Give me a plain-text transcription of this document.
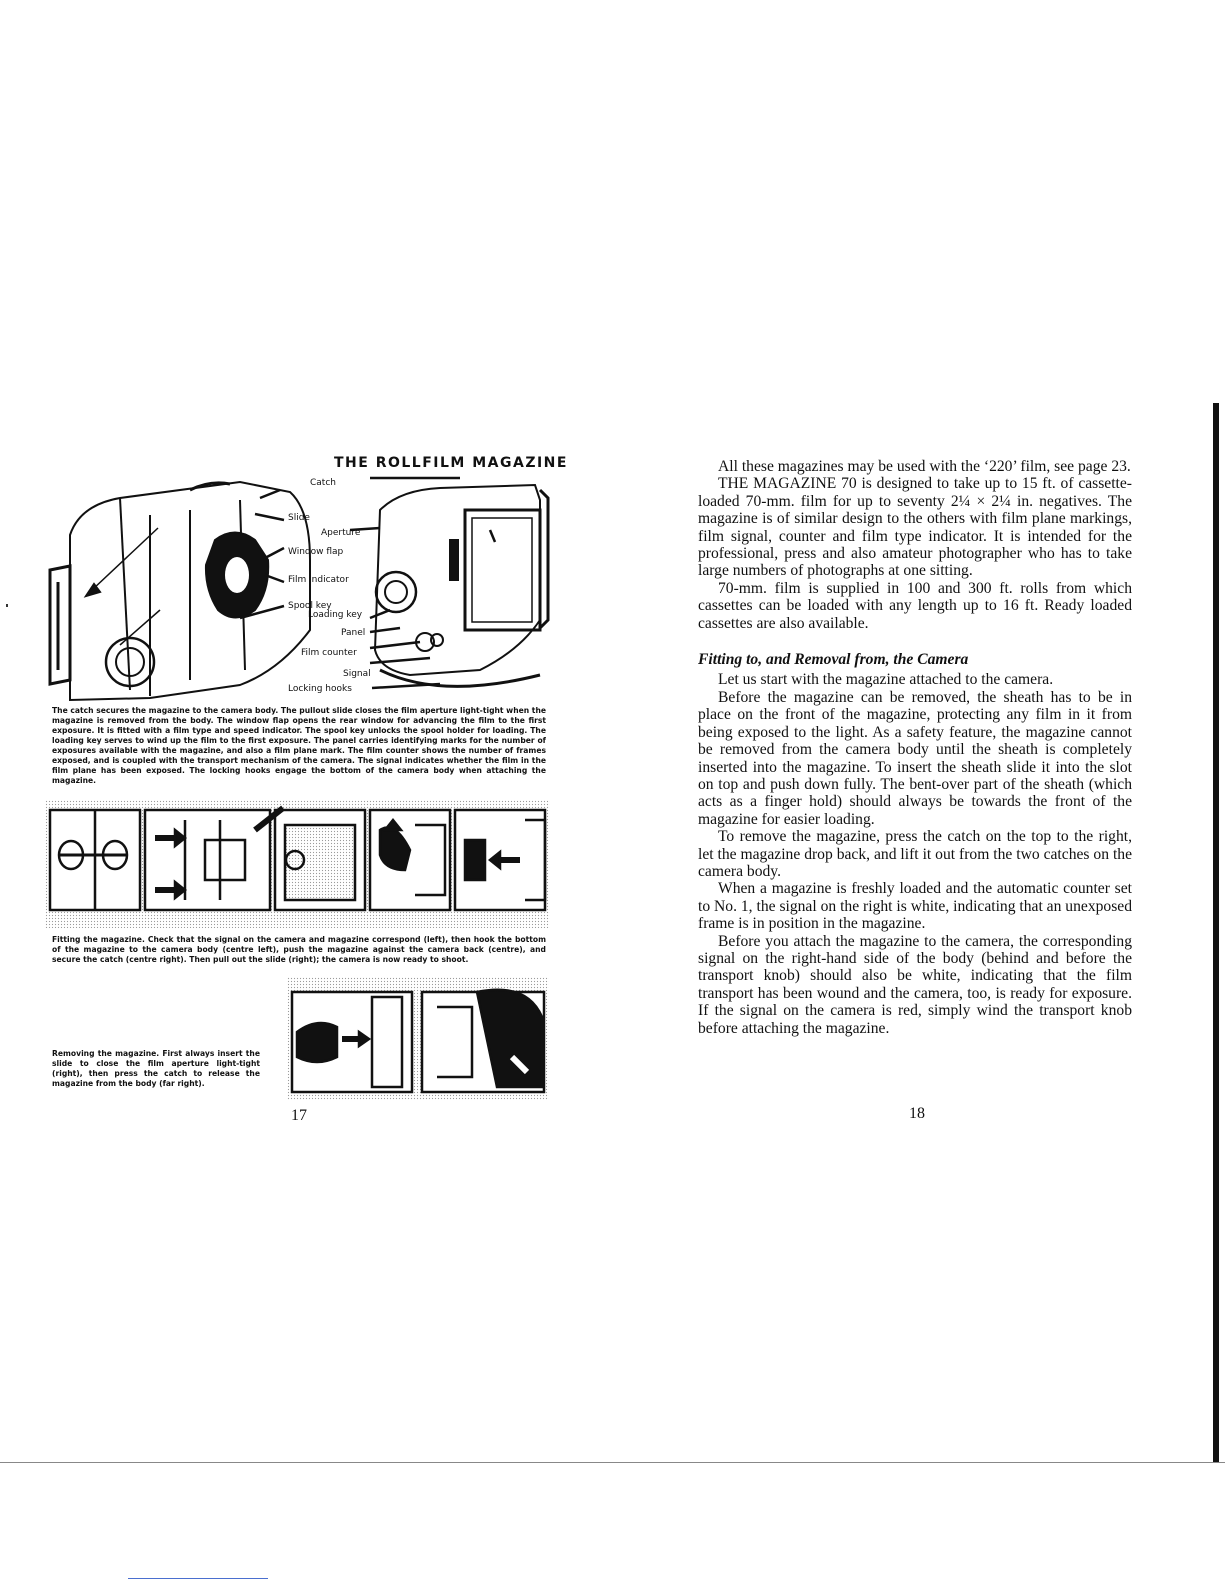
THE ROLLFILM MAGAZINE
Catch
Slide
Aperture
Window flap
Film indicator
Spool key
Loading key
Panel
Film counter
Signal
Locking hooks
The catch secures the magazine to the camera body. The pullout slide closes the film aperture light-tight when the magazine is removed from the body. The window flap opens the rear window for advancing the film to the first exposure. It is fitted with a film type and speed indicator. The spool key unlocks the spool holder for loading. The loading key serves to wind up the film to the first exposure. The panel carries identifying marks for the number of exposures available with the magazine, and also a film plane mark. The film counter shows the number of frames exposed, and is coupled with the transport mechanism of the camera. The signal indicates whether the film in the film plane has been exposed. The locking hooks engage the bottom of the camera body when attaching the magazine.
Fitting the magazine. Check that the signal on the camera and magazine correspond (left), then hook the bottom of the magazine to the camera body (centre left), push the magazine against the camera back (centre), and secure the catch (centre right). Then pull out the slide (right); the camera is now ready to shoot.
Removing the magazine. First always insert the slide to close the film aperture light-tight (right), then press the catch to release the magazine from the body (far right).
17

All these magazines may be used with the ‘220’ film, see page 23.

THE MAGAZINE 70 is designed to take up to 15 ft. of cassette-loaded 70-mm. film for up to seventy 2¼ × 2¼ in. negatives. The magazine is of similar design to the others with film plane markings, film signal, counter and film type indicator. It is intended for the professional, press and also amateur photographer who has to take large numbers of photographs at one sitting.

70-mm. film is supplied in 100 and 300 ft. rolls from which cassettes can be loaded with any length up to 16 ft. Ready loaded cassettes are also available.

Fitting to, and Removal from, the Camera

Let us start with the magazine attached to the camera.

Before the magazine can be removed, the sheath has to be in place on the front of the magazine, protecting any film in it from being exposed to the light. As a safety feature, the magazine cannot be removed from the camera body until the sheath is completely inserted into the magazine. To insert the sheath slide it into the slot on top and push down fully. The bent-over part of the sheath (which acts as a finger hold) should always be towards the front of the magazine for easier loading.

To remove the magazine, press the catch on the top to the right, let the magazine drop back, and lift it out from the two catches on the camera body.

When a magazine is freshly loaded and the automatic counter set to No. 1, the signal on the right is white, indicating that an unexposed frame is in position in the magazine.

Before you attach the magazine to the camera, the corresponding signal on the right-hand side of the body (behind and before the transport knob) should also be white, indicating that the film transport has been wound and the camera, too, is ready for exposure. If the signal on the camera is red, simply wind the transport knob before attaching the magazine.

18
